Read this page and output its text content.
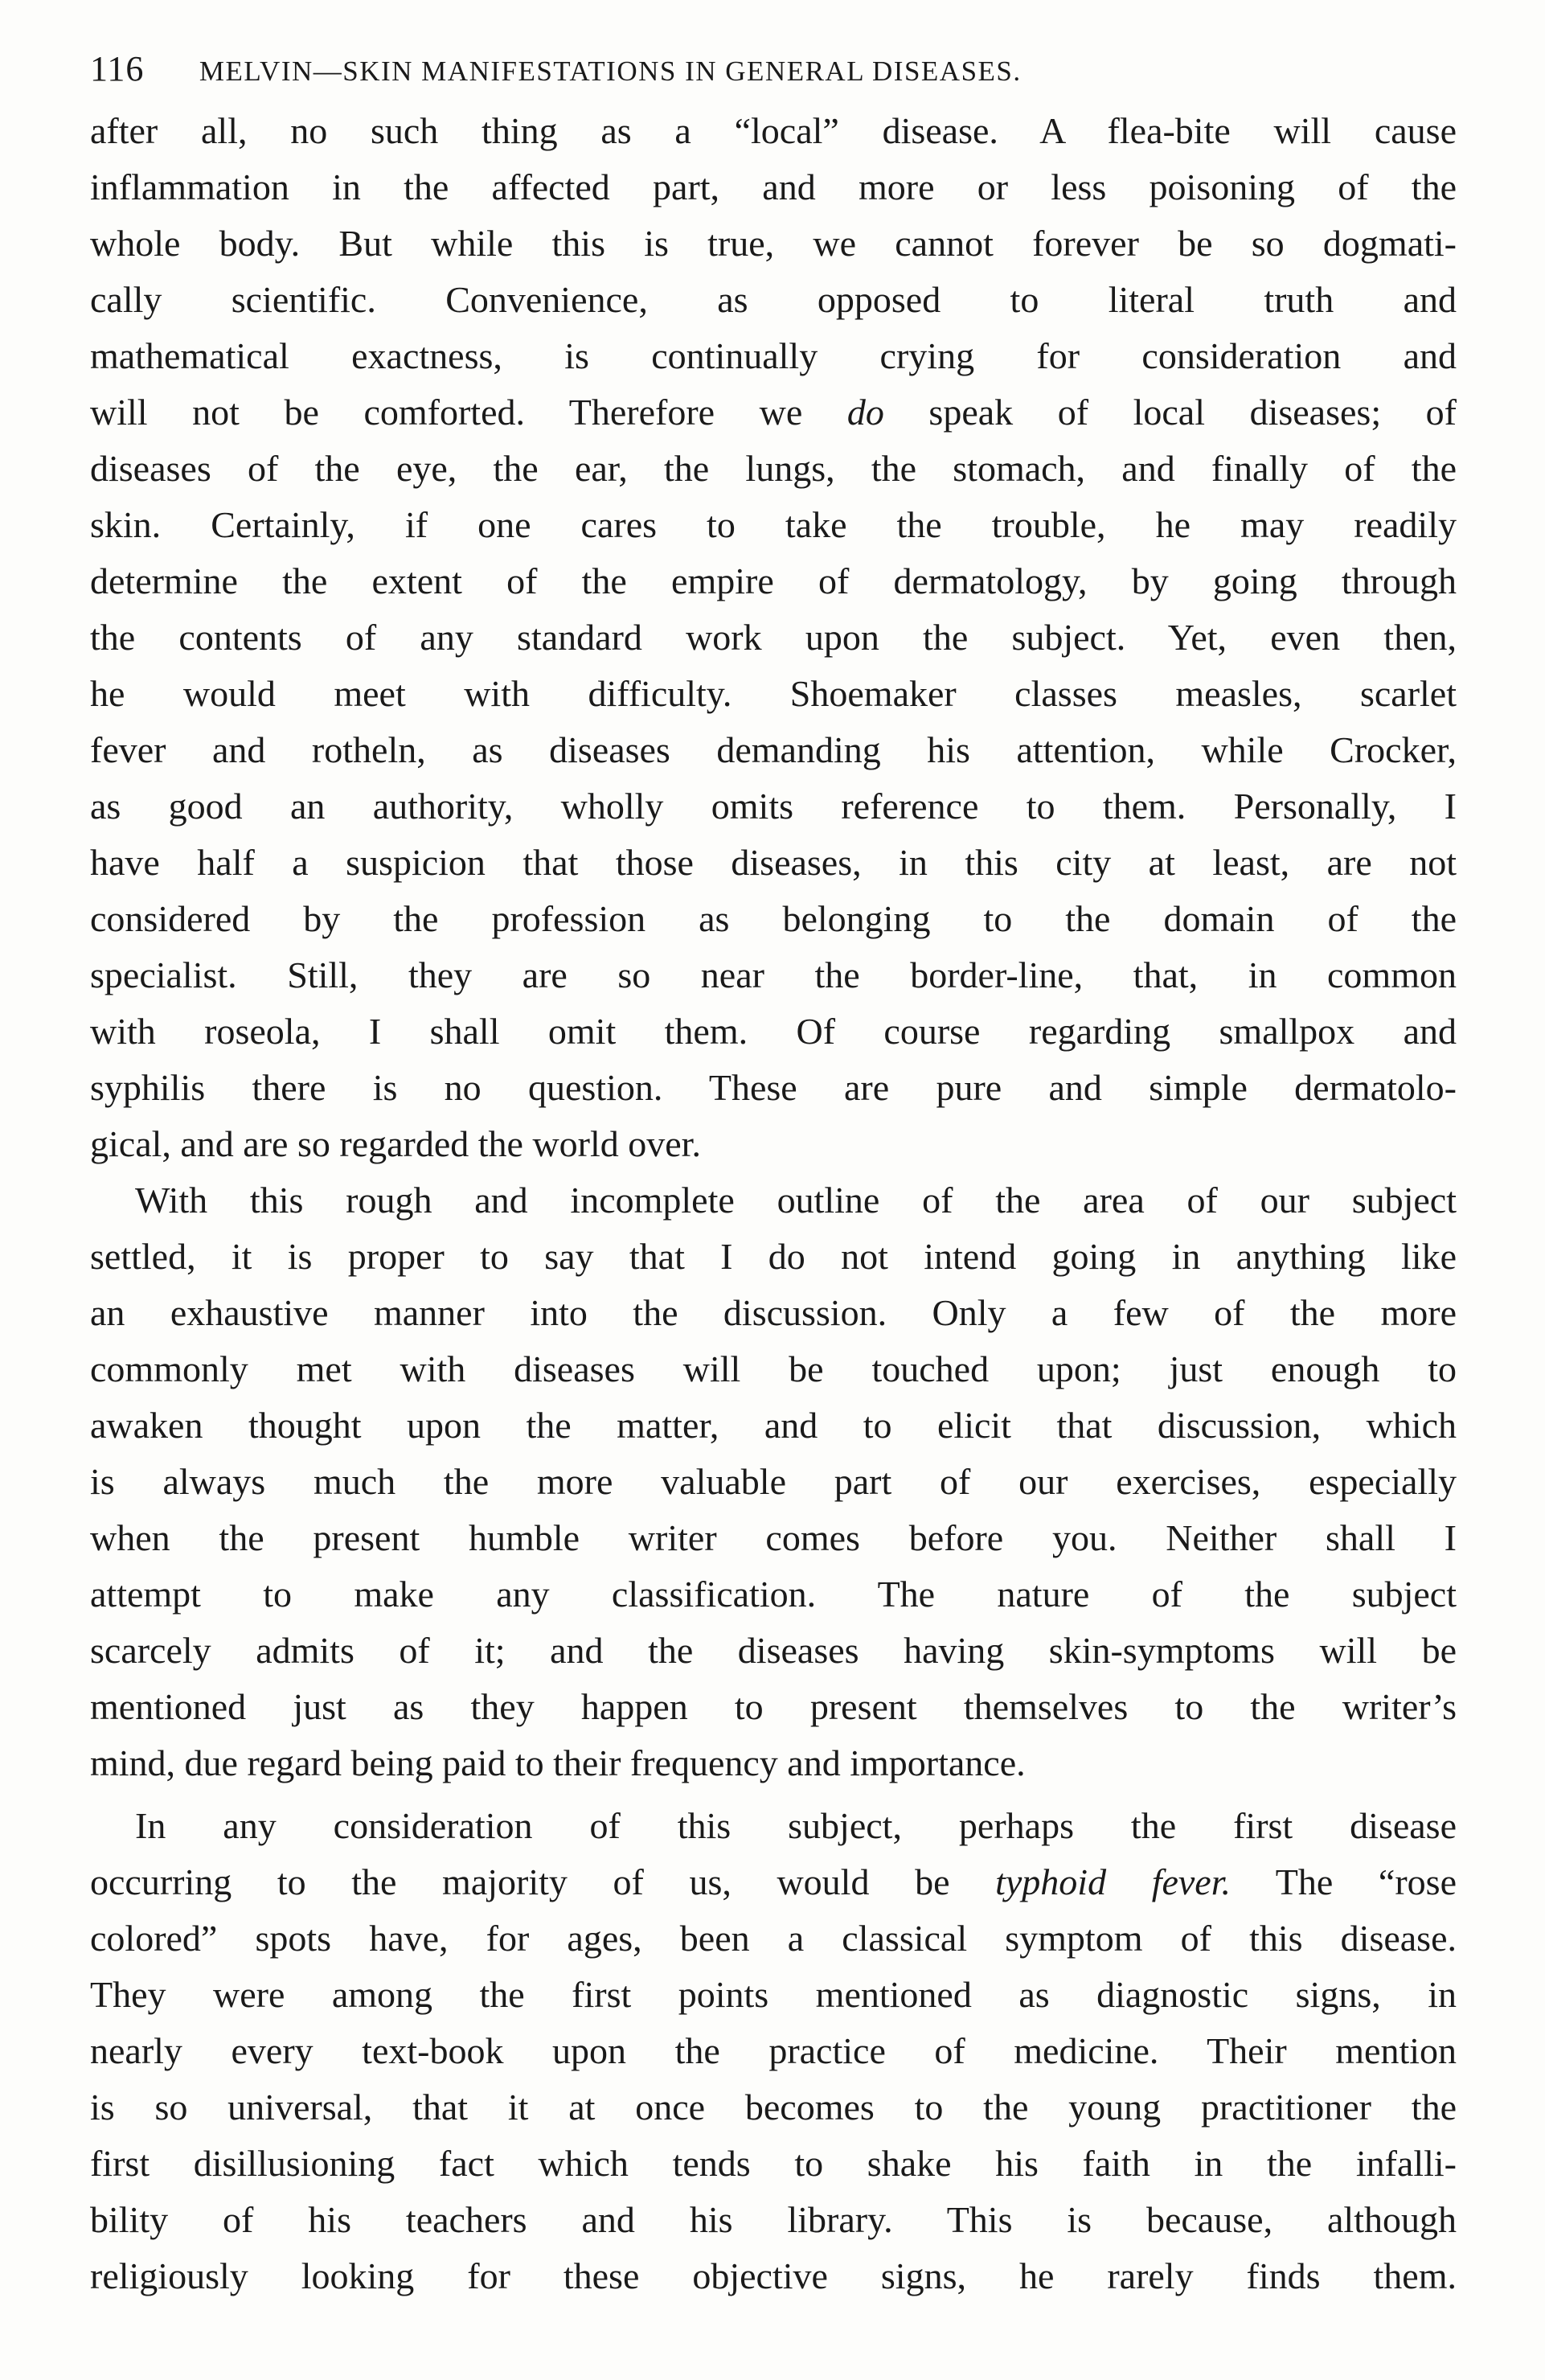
116 MELVIN—SKIN MANIFESTATIONS IN GENERAL DISEASES.
after all, no such thing as a “local” disease. A flea-bite will cause
inflammation in the affected part, and more or less poisoning of the
whole body. But while this is true, we cannot forever be so dogmati-
cally scientific. Convenience, as opposed to literal truth and
mathematical exactness, is continually crying for consideration and
will not be comforted. Therefore we do speak of local diseases; of
diseases of the eye, the ear, the lungs, the stomach, and finally of the
skin. Certainly, if one cares to take the trouble, he may readily
determine the extent of the empire of dermatology, by going through
the contents of any standard work upon the subject. Yet, even then,
he would meet with difficulty. Shoemaker classes measles, scarlet
fever and rotheln, as diseases demanding his attention, while Crocker,
as good an authority, wholly omits reference to them. Personally, I
have half a suspicion that those diseases, in this city at least, are not
considered by the profession as belonging to the domain of the
specialist. Still, they are so near the border-line, that, in common
with roseola, I shall omit them. Of course regarding smallpox and
syphilis there is no question. These are pure and simple dermatolo-
gical, and are so regarded the world over.
With this rough and incomplete outline of the area of our subject
settled, it is proper to say that I do not intend going in anything like
an exhaustive manner into the discussion. Only a few of the more
commonly met with diseases will be touched upon; just enough to
awaken thought upon the matter, and to elicit that discussion, which
is always much the more valuable part of our exercises, especially
when the present humble writer comes before you. Neither shall I
attempt to make any classification. The nature of the subject
scarcely admits of it; and the diseases having skin-symptoms will be
mentioned just as they happen to present themselves to the writer’s
mind, due regard being paid to their frequency and importance.
In any consideration of this subject, perhaps the first disease
occurring to the majority of us, would be typhoid fever. The “rose
colored” spots have, for ages, been a classical symptom of this disease.
They were among the first points mentioned as diagnostic signs, in
nearly every text-book upon the practice of medicine. Their mention
is so universal, that it at once becomes to the young practitioner the
first disillusioning fact which tends to shake his faith in the infalli-
bility of his teachers and his library. This is because, although
religiously looking for these objective signs, he rarely finds them.
